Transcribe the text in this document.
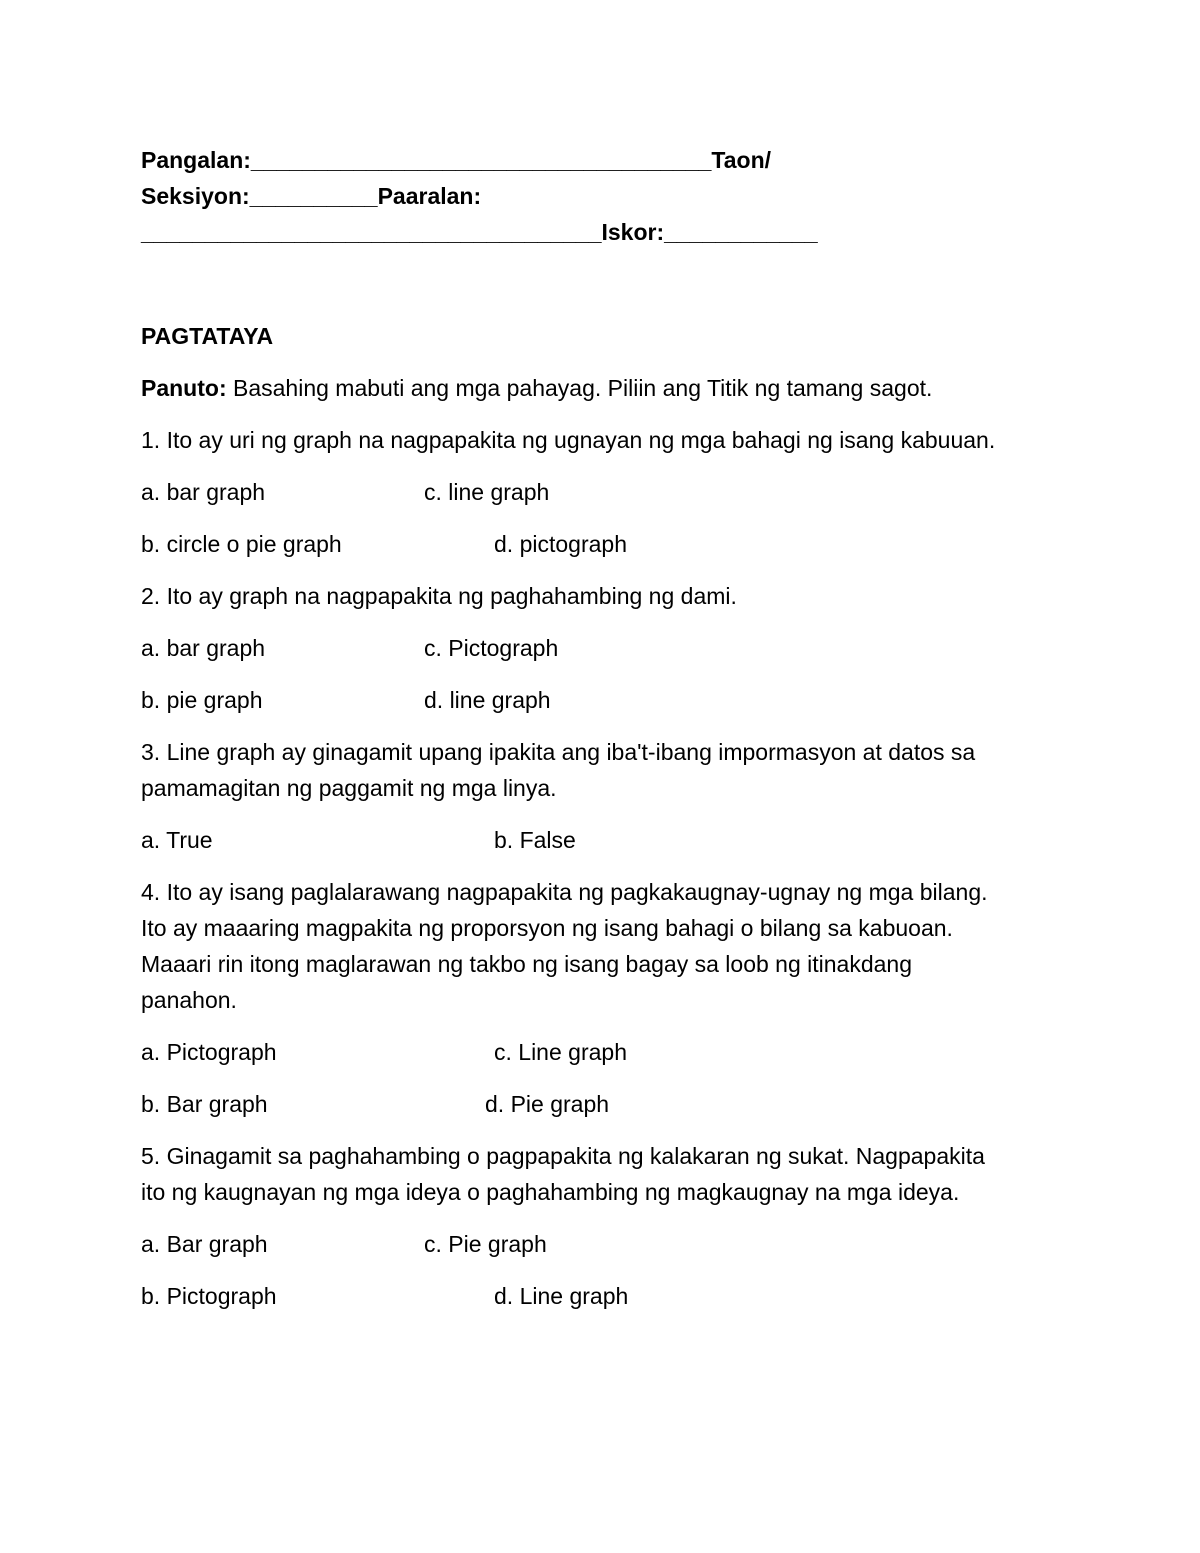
Pangalan:____________________________________Taon/
Seksiyon:__________Paaralan:
____________________________________Iskor:____________
PAGTATAYA
Panuto: Basahing mabuti ang mga pahayag. Piliin ang Titik ng tamang sagot.
1. Ito ay uri ng graph na nagpapakita ng ugnayan ng mga bahagi ng isang kabuuan.
a. bar graph	c. line graph
b. circle o pie graph	d. pictograph
2. Ito ay graph na nagpapakita ng paghahambing ng dami.
a. bar graph	c. Pictograph
b. pie graph	d. line graph
3. Line graph ay ginagamit upang ipakita ang iba't-ibang impormasyon at datos sa
pamamagitan ng paggamit ng mga linya.
a. True	b. False
4. Ito ay isang paglalarawang nagpapakita ng pagkakaugnay-ugnay ng mga bilang.
Ito ay maaaring magpakita ng proporsyon ng isang bahagi o bilang sa kabuoan.
Maaari rin itong maglarawan ng takbo ng isang bagay sa loob ng itinakdang
panahon.
a. Pictograph	c. Line graph
b. Bar graph	d. Pie graph
5. Ginagamit sa paghahambing o pagpapakita ng kalakaran ng sukat. Nagpapakita
ito ng kaugnayan ng mga ideya o paghahambing ng magkaugnay na mga ideya.
a. Bar graph	c. Pie graph
b. Pictograph	d. Line graph
